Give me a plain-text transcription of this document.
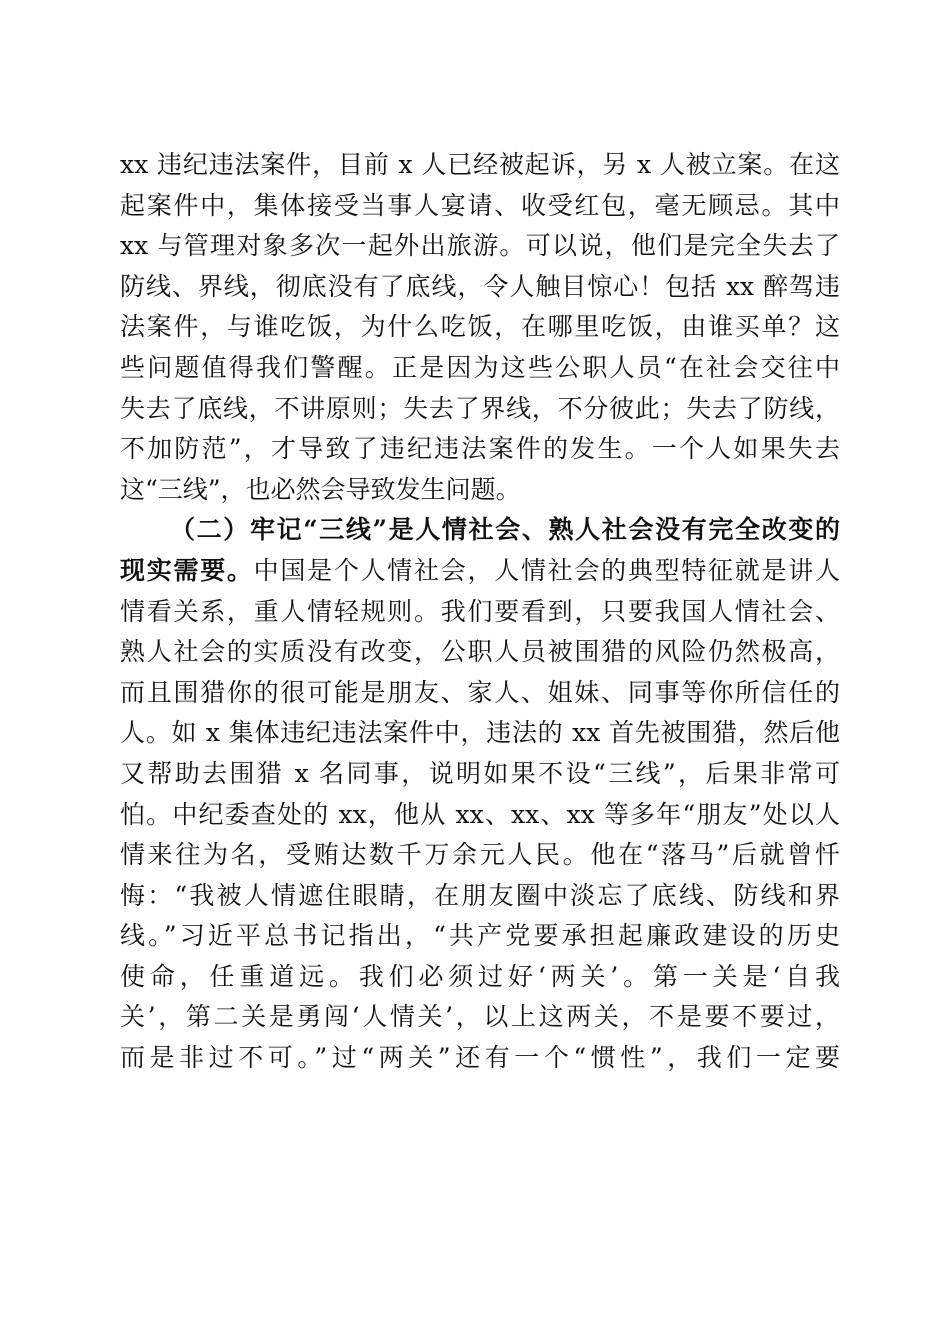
xx 违纪违法案件，目前 x 人已经被起诉，另 x 人被立案。在这
起案件中，集体接受当事人宴请、收受红包，毫无顾忌。其中
xx 与管理对象多次一起外出旅游。可以说，他们是完全失去了
防线、界线，彻底没有了底线，令人触目惊心！包括 xx 醉驾违
法案件，与谁吃饭，为什么吃饭，在哪里吃饭，由谁买单？这
些问题值得我们警醒。正是因为这些公职人员“在社会交往中
失去了底线，不讲原则；失去了界线，不分彼此；失去了防线，
不加防范”，才导致了违纪违法案件的发生。一个人如果失去
这“三线”，也必然会导致发生问题。
（二）牢记“三线”是人情社会、熟人社会没有完全改变的
现实需要。中国是个人情社会，人情社会的典型特征就是讲人
情看关系，重人情轻规则。我们要看到，只要我国人情社会、
熟人社会的实质没有改变，公职人员被围猎的风险仍然极高，
而且围猎你的很可能是朋友、家人、姐妹、同事等你所信任的
人。如 x 集体违纪违法案件中，违法的 xx 首先被围猎，然后他
又帮助去围猎 x 名同事，说明如果不设“三线”，后果非常可
怕。中纪委查处的 xx，他从 xx、xx、xx 等多年“朋友”处以人
情来往为名，受贿达数千万余元人民。他在“落马”后就曾忏
悔：“我被人情遮住眼睛，在朋友圈中淡忘了底线、防线和界
线。”习近平总书记指出，“共产党要承担起廉政建设的历史
使命，任重道远。我们必须过好‘两关’。第一关是‘自我
关’，第二关是勇闯‘人情关’，以上这两关，不是要不要过，
而是非过不可。”过“两关”还有一个“惯性”，我们一定要
